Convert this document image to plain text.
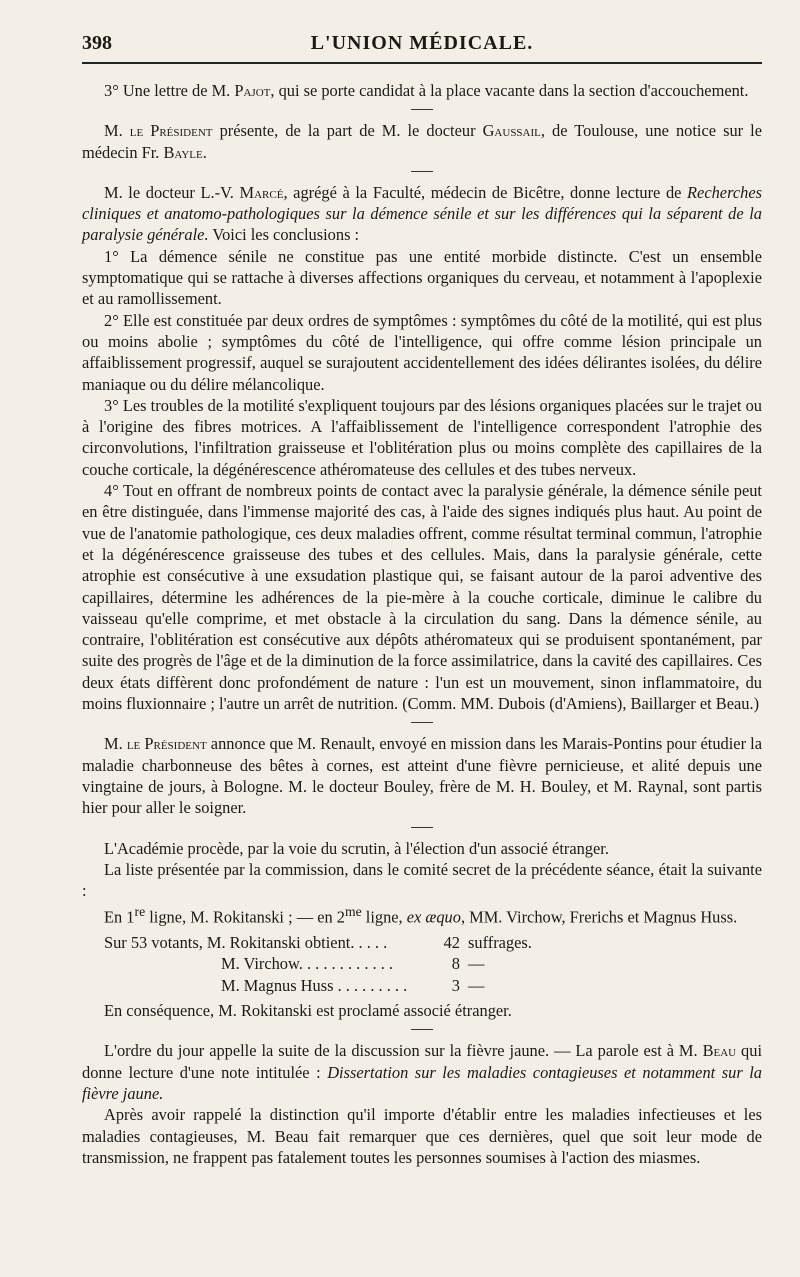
398	L'UNION MÉDICALE.

3° Une lettre de M. Pajot, qui se porte candidat à la place vacante dans la section d'accouchement.

M. le Président présente, de la part de M. le docteur Gaussail, de Toulouse, une notice sur le médecin Fr. Bayle.

M. le docteur L.-V. Marcé, agrégé à la Faculté, médecin de Bicêtre, donne lecture de Recherches cliniques et anatomo-pathologiques sur la démence sénile et sur les différences qui la séparent de la paralysie générale. Voici les conclusions :

1° La démence sénile ne constitue pas une entité morbide distincte. C'est un ensemble symptomatique qui se rattache à diverses affections organiques du cerveau, et notamment à l'apoplexie et au ramollissement.

2° Elle est constituée par deux ordres de symptômes : symptômes du côté de la motilité, qui est plus ou moins abolie ; symptômes du côté de l'intelligence, qui offre comme lésion principale un affaiblissement progressif, auquel se surajoutent accidentellement des idées délirantes isolées, du délire maniaque ou du délire mélancolique.

3° Les troubles de la motilité s'expliquent toujours par des lésions organiques placées sur le trajet ou à l'origine des fibres motrices. A l'affaiblissement de l'intelligence correspondent l'atrophie des circonvolutions, l'infiltration graisseuse et l'oblitération plus ou moins complète des capillaires de la couche corticale, la dégénérescence athéromateuse des cellules et des tubes nerveux.

4° Tout en offrant de nombreux points de contact avec la paralysie générale, la démence sénile peut en être distinguée, dans l'immense majorité des cas, à l'aide des signes indiqués plus haut. Au point de vue de l'anatomie pathologique, ces deux maladies offrent, comme résultat terminal commun, l'atrophie et la dégénérescence graisseuse des tubes et des cellules. Mais, dans la paralysie générale, cette atrophie est consécutive à une exsudation plastique qui, se faisant autour de la paroi adventive des capillaires, détermine les adhérences de la pie-mère à la couche corticale, diminue le calibre du vaisseau qu'elle comprime, et met obstacle à la circulation du sang. Dans la démence sénile, au contraire, l'oblitération est consécutive aux dépôts athéromateux qui se produisent spontanément, par suite des progrès de l'âge et de la diminution de la force assimilatrice, dans la cavité des capillaires. Ces deux états diffèrent donc profondément de nature : l'un est un mouvement, sinon inflammatoire, du moins fluxionnaire ; l'autre un arrêt de nutrition. (Comm. MM. Dubois (d'Amiens), Baillarger et Beau.)

M. le Président annonce que M. Renault, envoyé en mission dans les Marais-Pontins pour étudier la maladie charbonneuse des bêtes à cornes, est atteint d'une fièvre pernicieuse, et alité depuis une vingtaine de jours, à Bologne. M. le docteur Bouley, frère de M. H. Bouley, et M. Raynal, sont partis hier pour aller le soigner.

L'Académie procède, par la voie du scrutin, à l'élection d'un associé étranger.

La liste présentée par la commission, dans le comité secret de la précédente séance, était la suivante :

En 1re ligne, M. Rokitanski ; — en $2^{me}$ ligne, ex æquo, MM. Virchow, Frerichs et Magnus Huss.

Sur 53 votants, M. Rokitanski obtient. . . . .	42 suffrages.
M. Virchow. . . . . . . . . . . .	8 —
M. Magnus Huss . . . . . . . . .	3 —

En conséquence, M. Rokitanski est proclamé associé étranger.

L'ordre du jour appelle la suite de la discussion sur la fièvre jaune. — La parole est à M. Beau qui donne lecture d'une note intitulée : Dissertation sur les maladies contagieuses et notamment sur la fièvre jaune.

Après avoir rappelé la distinction qu'il importe d'établir entre les maladies infectieuses et les maladies contagieuses, M. Beau fait remarquer que ces dernières, quel que soit leur mode de transmission, ne frappent pas fatalement toutes les personnes soumises à l'action des miasmes.
